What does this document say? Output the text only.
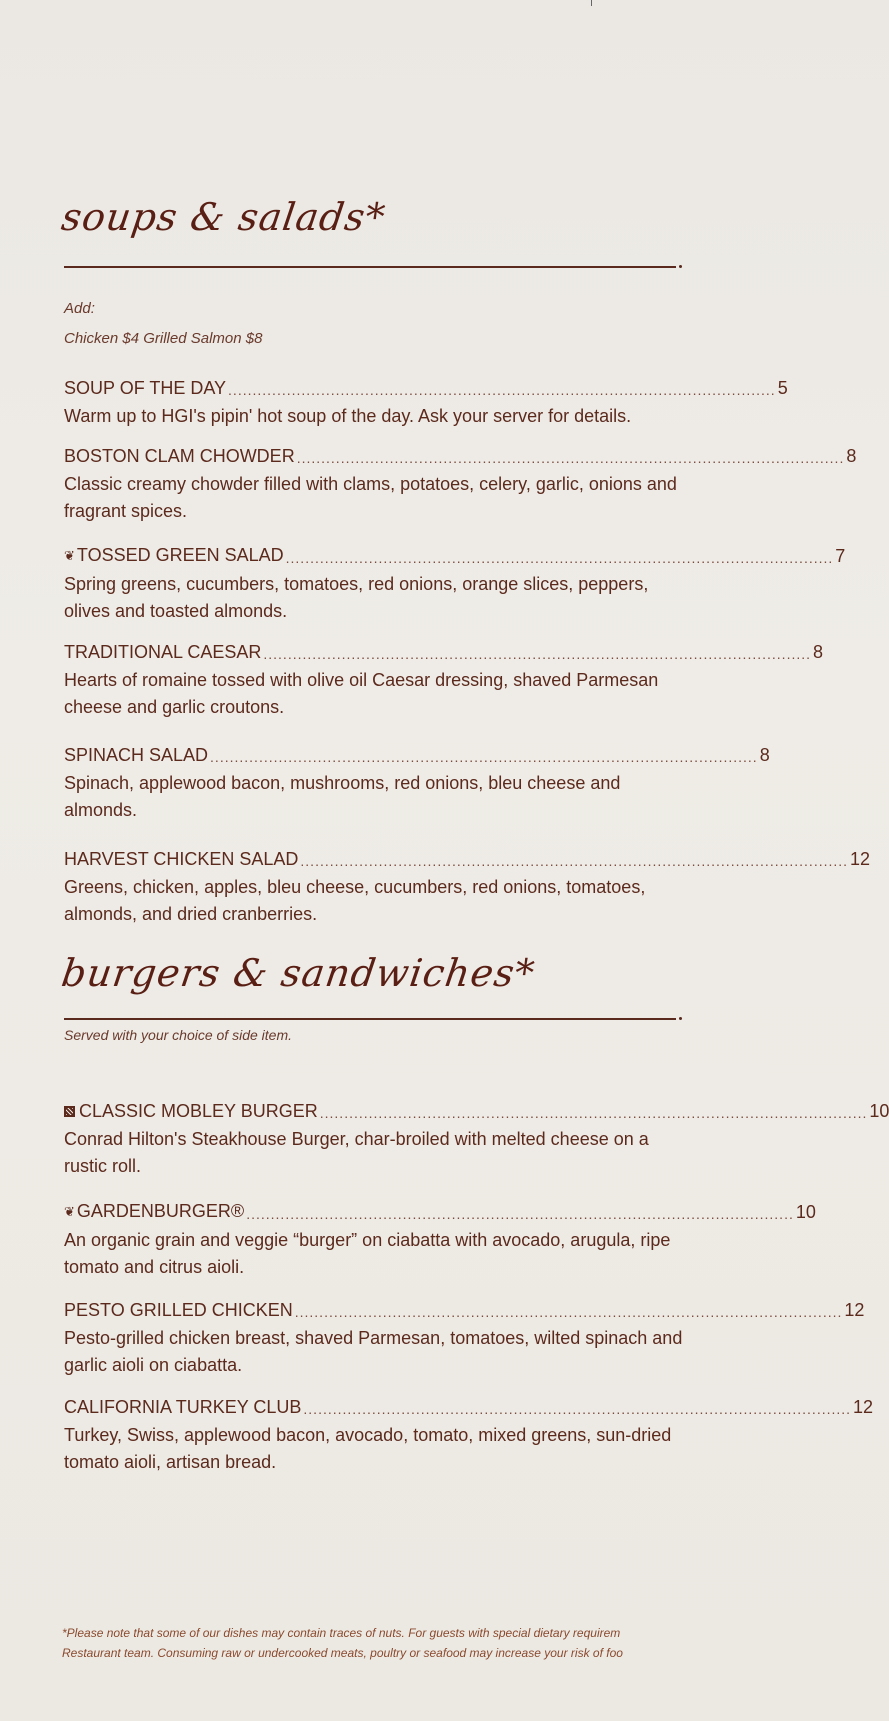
soups & salads*
Add:
Chicken $4 Grilled Salmon $8
SOUP OF THE DAY ................................................................................................................ 5
Warm up to HGI's pipin' hot soup of the day. Ask your server for details.
BOSTON CLAM CHOWDER ................................................................................................................ 8
Classic creamy chowder filled with clams, potatoes, celery, garlic, onions and fragrant spices.
❦ TOSSED GREEN SALAD ................................................................................................................ 7
Spring greens, cucumbers, tomatoes, red onions, orange slices, peppers, olives and toasted almonds.
TRADITIONAL CAESAR ................................................................................................................ 8
Hearts of romaine tossed with olive oil Caesar dressing, shaved Parmesan cheese and garlic croutons.
SPINACH SALAD ................................................................................................................ 8
Spinach, applewood bacon, mushrooms, red onions, bleu cheese and almonds.
HARVEST CHICKEN SALAD ................................................................................................................ 12
Greens, chicken, apples, bleu cheese, cucumbers, red onions, tomatoes, almonds, and dried cranberries.
burgers & sandwiches*
Served with your choice of side item.
CLASSIC MOBLEY BURGER ................................................................................................................ 10
Conrad Hilton's Steakhouse Burger, char-broiled with melted cheese on a rustic roll.
❦ GARDENBURGER® ................................................................................................................ 10
An organic grain and veggie “burger” on ciabatta with avocado, arugula, ripe tomato and citrus aioli.
PESTO GRILLED CHICKEN ................................................................................................................ 12
Pesto-grilled chicken breast, shaved Parmesan, tomatoes, wilted spinach and garlic aioli on ciabatta.
CALIFORNIA TURKEY CLUB ................................................................................................................ 12
Turkey, Swiss, applewood bacon, avocado, tomato, mixed greens, sun-dried tomato aioli, artisan bread.
*Please note that some of our dishes may contain traces of nuts. For guests with special dietary requirem
Restaurant team. Consuming raw or undercooked meats, poultry or seafood may increase your risk of foo
